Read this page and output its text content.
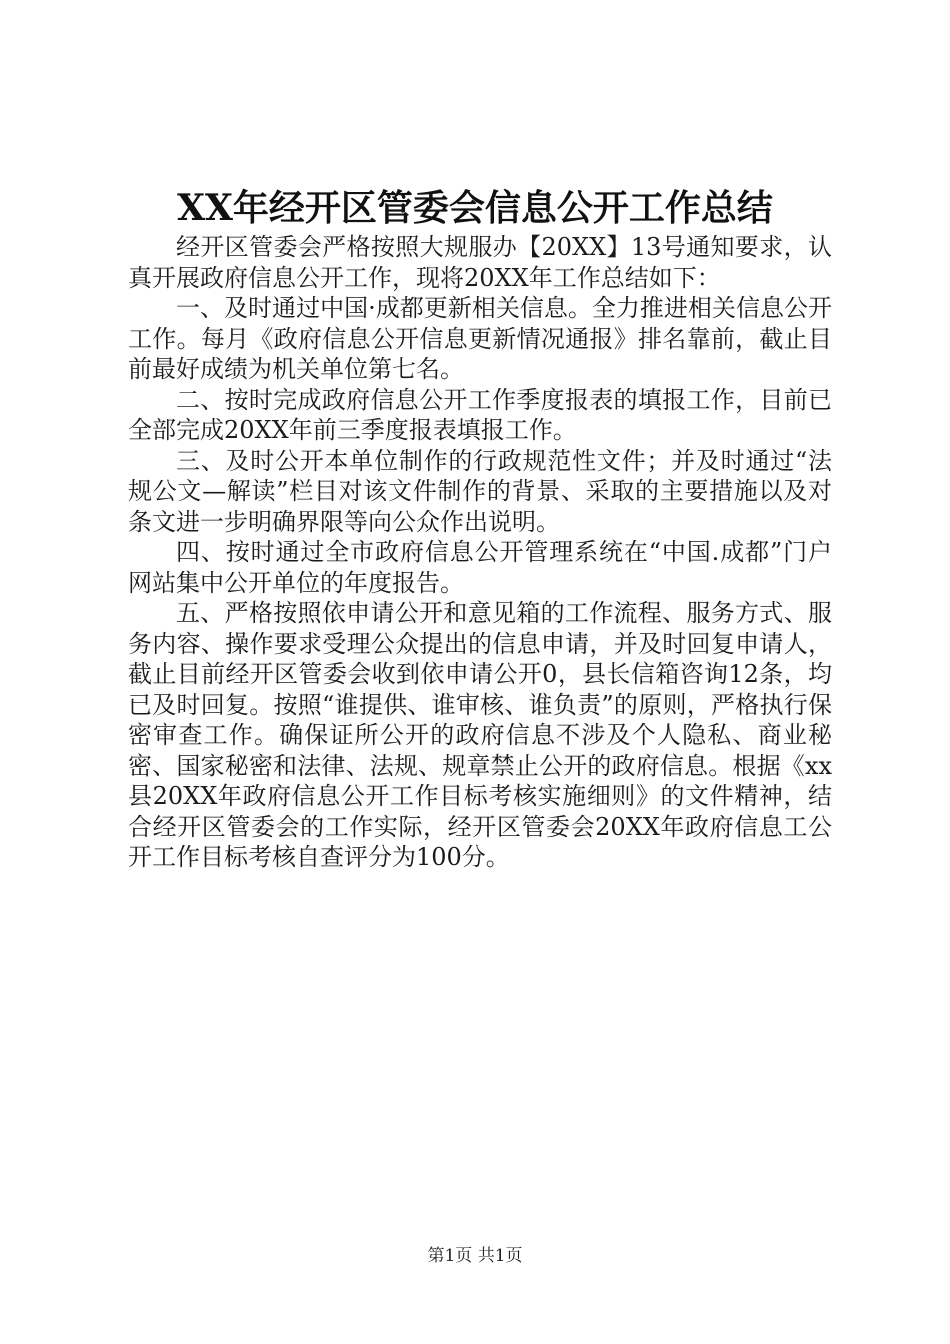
XX年经开区管委会信息公开工作总结

经开区管委会严格按照大规服办【20XX】13号通知要求，认真开展政府信息公开工作，现将20XX年工作总结如下：

一、及时通过中国·成都更新相关信息。全力推进相关信息公开工作。每月《政府信息公开信息更新情况通报》排名靠前，截止目前最好成绩为机关单位第七名。

二、按时完成政府信息公开工作季度报表的填报工作，目前已全部完成20XX年前三季度报表填报工作。

三、及时公开本单位制作的行政规范性文件；并及时通过“法规公文—解读”栏目对该文件制作的背景、采取的主要措施以及对条文进一步明确界限等向公众作出说明。

四、按时通过全市政府信息公开管理系统在“中国.成都”门户网站集中公开单位的年度报告。

五、严格按照依申请公开和意见箱的工作流程、服务方式、服务内容、操作要求受理公众提出的信息申请，并及时回复申请人，截止目前经开区管委会收到依申请公开0，县长信箱咨询12条，均已及时回复。按照“谁提供、谁审核、谁负责”的原则，严格执行保密审查工作。确保证所公开的政府信息不涉及个人隐私、商业秘密、国家秘密和法律、法规、规章禁止公开的政府信息。根据《xx县20XX年政府信息公开工作目标考核实施细则》的文件精神，结合经开区管委会的工作实际，经开区管委会20XX年政府信息工公开工作目标考核自查评分为100分。

第1页 共1页
